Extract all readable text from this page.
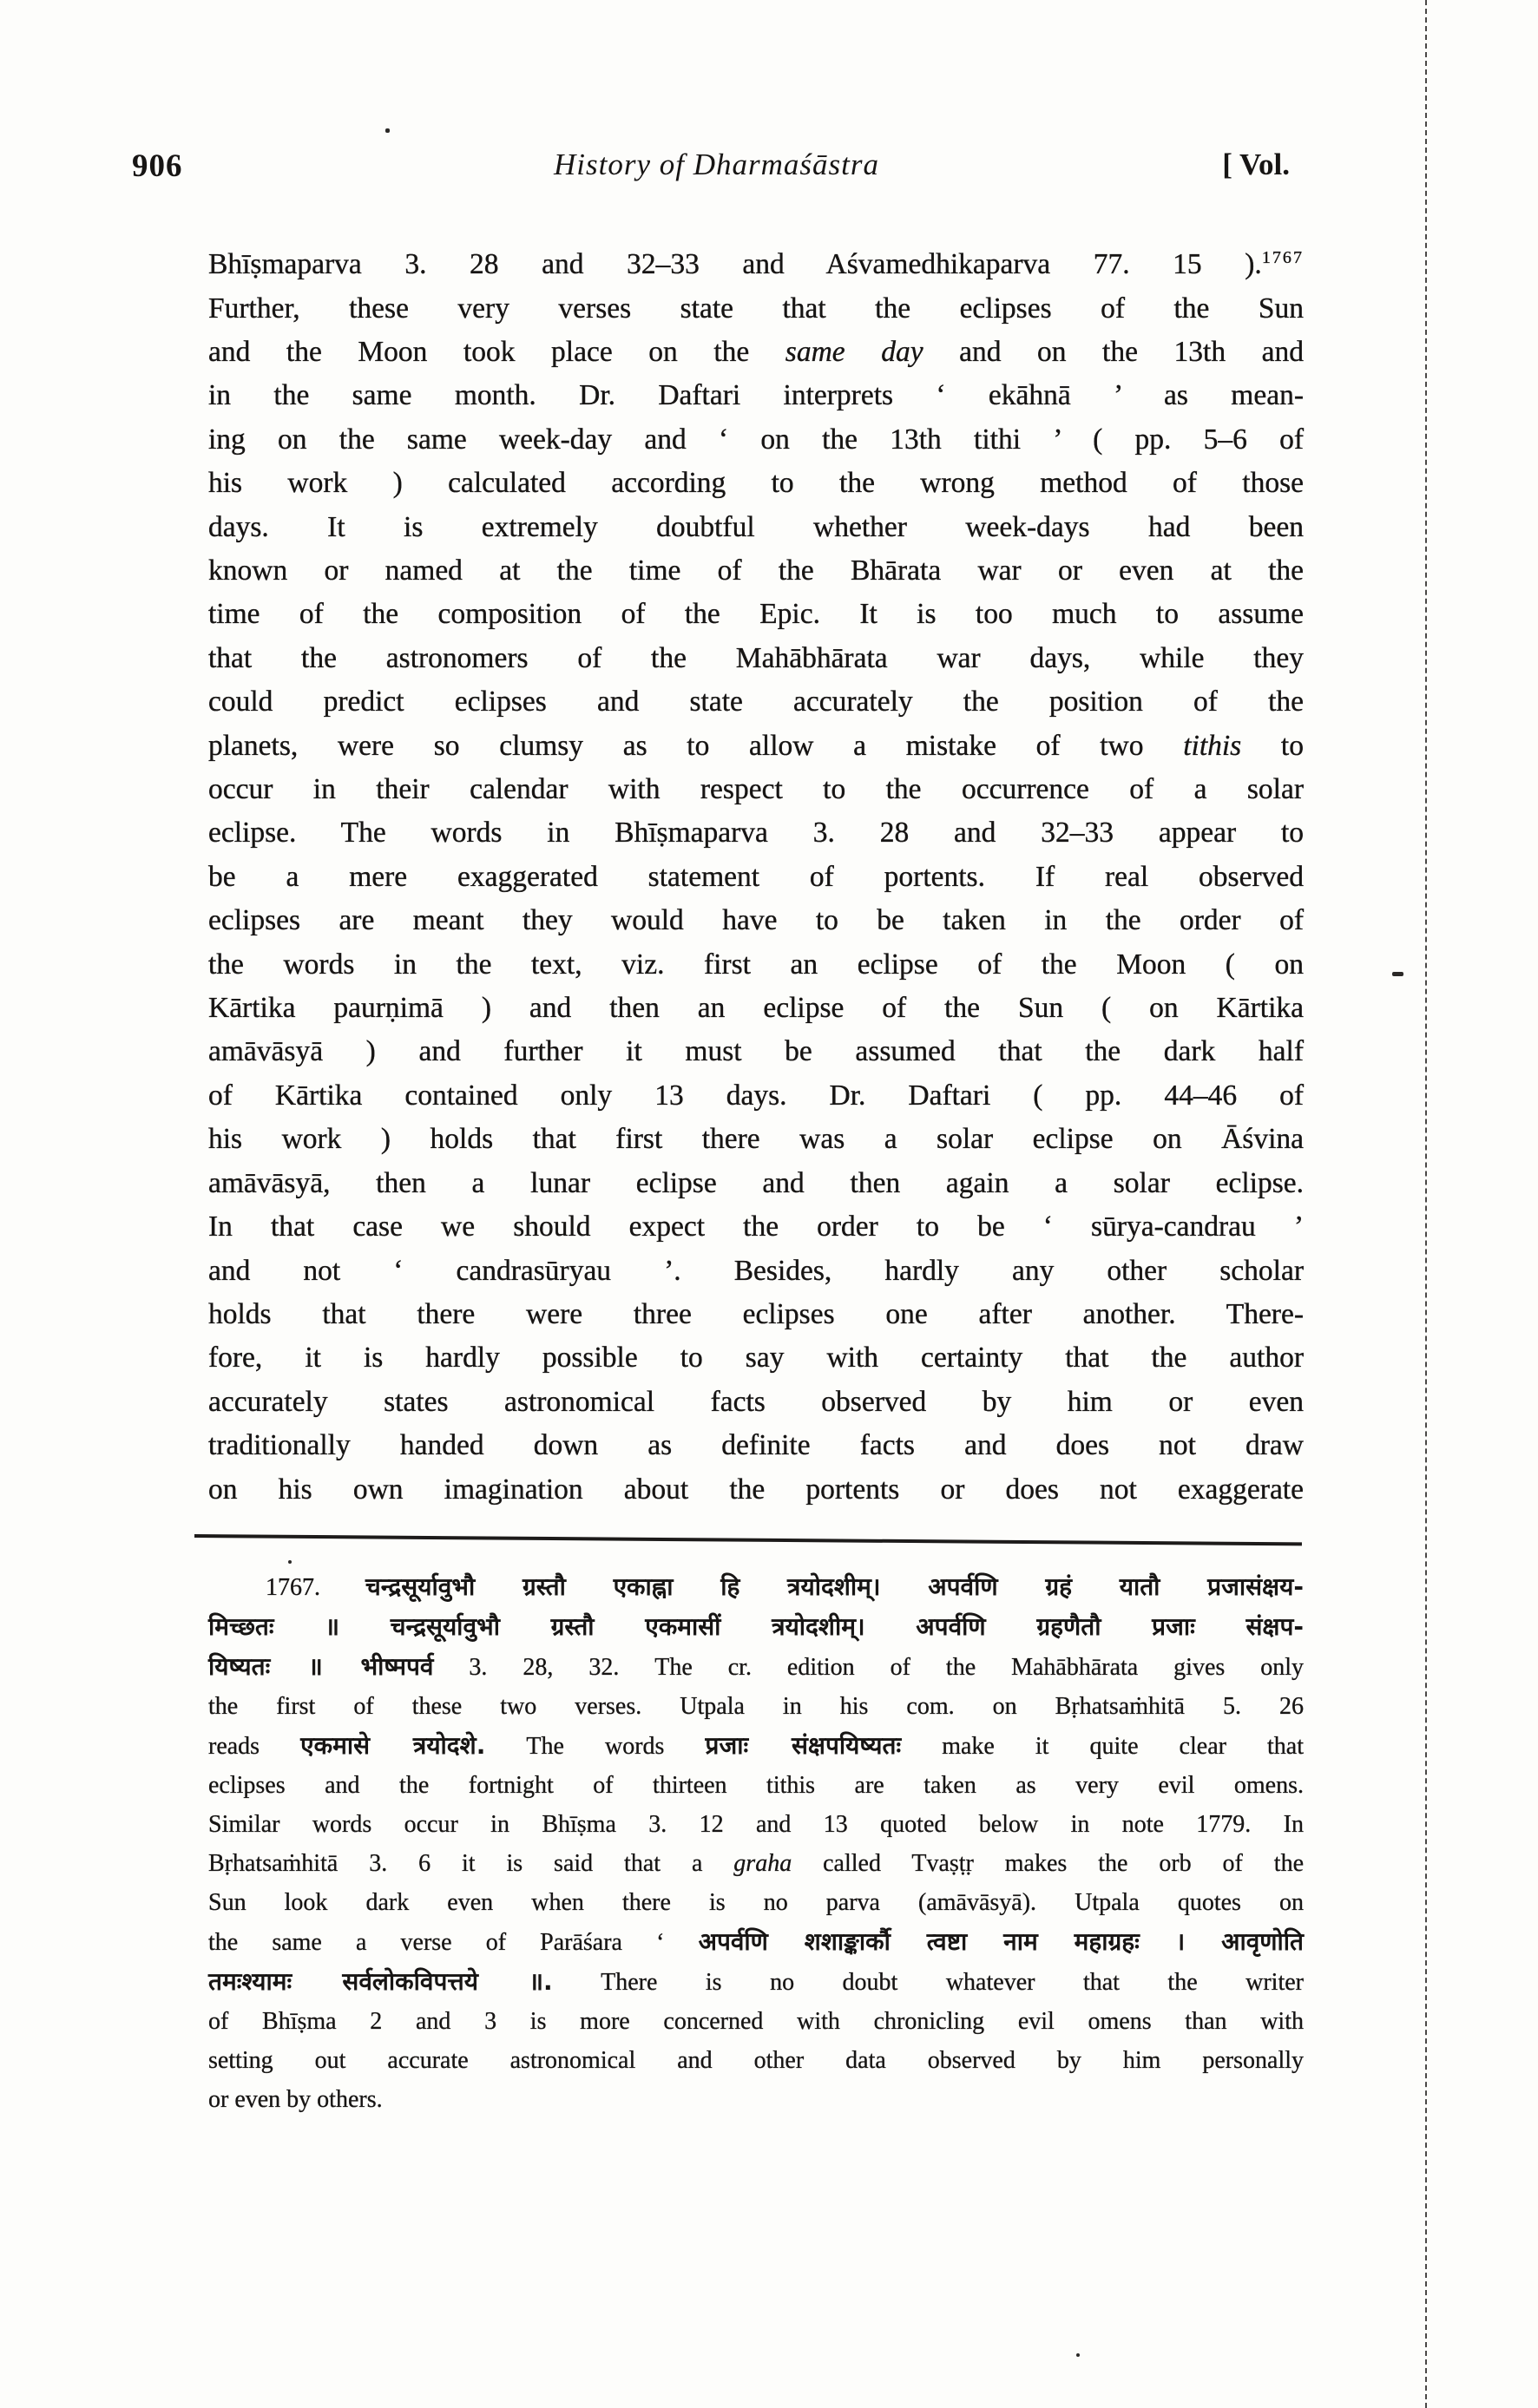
906	History of Dharmaśāstra	[ Vol.
Bhīṣmaparva 3. 28 and 32–33 and Aśvamedhikaparva 77. 15 ).$^{1767}$
Further, these very verses state that the eclipses of the Sun
and the Moon took place on the same day and on the 13th and
in the same month. Dr. Daftari interprets ‘ ekāhnā ’ as mean-
ing on the same week-day and ‘ on the 13th tithi ’ ( pp. 5–6 of
his work ) calculated according to the wrong method of those
days. It is extremely doubtful whether week-days had been
known or named at the time of the Bhārata war or even at the
time of the composition of the Epic. It is too much to assume
that the astronomers of the Mahābhārata war days, while they
could predict eclipses and state accurately the position of the
planets, were so clumsy as to allow a mistake of two tithis to
occur in their calendar with respect to the occurrence of a solar
eclipse. The words in Bhīṣmaparva 3. 28 and 32–33 appear to
be a mere exaggerated statement of portents. If real observed
eclipses are meant they would have to be taken in the order of
the words in the text, viz. first an eclipse of the Moon ( on
Kārtika paurṇimā ) and then an eclipse of the Sun ( on Kārtika
amāvāsyā ) and further it must be assumed that the dark half
of Kārtika contained only 13 days. Dr. Daftari ( pp. 44–46 of
his work ) holds that first there was a solar eclipse on Āśvina
amāvāsyā, then a lunar eclipse and then again a solar eclipse.
In that case we should expect the order to be ‘ sūrya-candrau ’
and not ‘ candrasūryau ’. Besides, hardly any other scholar
holds that there were three eclipses one after another. There-
fore, it is hardly possible to say with certainty that the author
accurately states astronomical facts observed by him or even
traditionally handed down as definite facts and does not draw
on his own imagination about the portents or does not exaggerate
1767. चन्द्रसूर्यावुभौ ग्रस्तौ एकाह्ना हि त्रयोदशीम्। अपर्वणि ग्रहं यातौ प्रजासंक्षय-
मिच्छतः ॥ चन्द्रसूर्यावुभौ ग्रस्तौ एकमासीं त्रयोदशीम्। अपर्वणि ग्रहणैतौ प्रजाः संक्षप-
यिष्यतः ॥ भीष्मपर्व 3. 28, 32. The cr. edition of the Mahābhārata gives only
the first of these two verses. Utpala in his com. on Bṛhatsaṁhitā 5. 26
reads एकमासे त्रयोदशे. The words प्रजाः संक्षपयिष्यतः make it quite clear that
eclipses and the fortnight of thirteen tithis are taken as very evil omens.
Similar words occur in Bhīṣma 3. 12 and 13 quoted below in note 1779. In
Bṛhatsaṁhitā 3. 6 it is said that a graha called Tvaṣṭṛ makes the orb of the
Sun look dark even when there is no parva (amāvāsyā). Utpala quotes on
the same a verse of Parāśara ‘ अपर्वणि शशाङ्कार्कौ त्वष्टा नाम महाग्रहः । आवृणोति
तमःश्यामः सर्वलोकविपत्तये ॥. There is no doubt whatever that the writer
of Bhīṣma 2 and 3 is more concerned with chronicling evil omens than with
setting out accurate astronomical and other data observed by him personally
or even by others.
